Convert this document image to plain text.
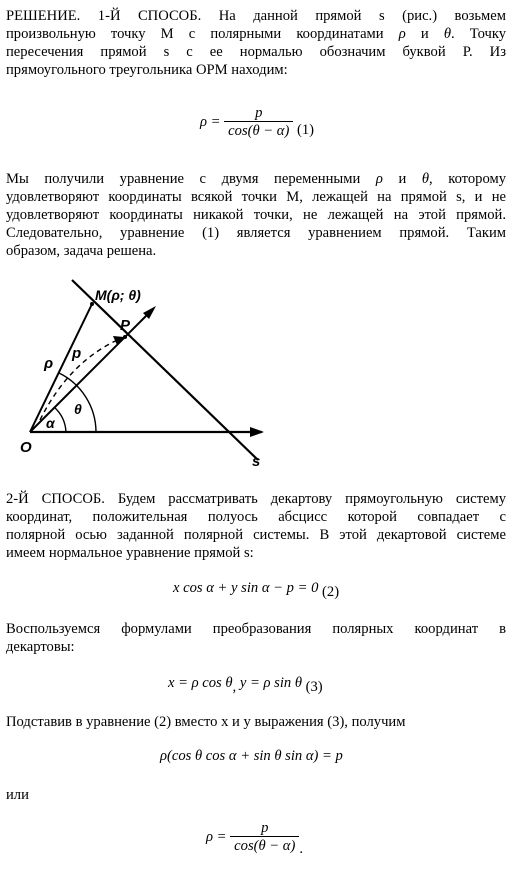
РЕШЕНИЕ. 1-Й СПОСОБ. На данной прямой s (рис.) возьмем
произвольную точку М с полярными координатами ρ и θ. Точку
пересечения прямой s с ее нормалью обозначим буквой Р. Из
прямоугольного треугольника ОРМ находим:
$\rho = \frac{p}{\cos(\theta - \alpha)} (1)$
Мы получили уравнение с двумя переменными ρ и θ, которому
удовлетворяют координаты всякой точки М, лежащей на прямой s, и не
удовлетворяют координаты никакой точки, не лежащей на этой прямой.
Следовательно, уравнение (1) является уравнением прямой. Таким
образом, задача решена.
M(ρ; θ)
P
ρ
p
θ
α
O
s
2-Й СПОСОБ. Будем рассматривать декартову прямоугольную систему
координат, положительная полуось абсцисс которой совпадает с
полярной осью заданной полярной системы. В этой декартовой системе
имеем нормальное уравнение прямой s:
x cos α + y sin α − p = 0 (2)
Воспользуемся формулами преобразования полярных координат в
декартовы:
x = ρ cos θ, y = ρ sin θ (3)
Подставив в уравнение (2) вместо х и у выражения (3), получим
ρ(cos θ cos α + sin θ sin α) = p
или
$\rho = \frac{p}{\cos(\theta - \alpha)}$ .
